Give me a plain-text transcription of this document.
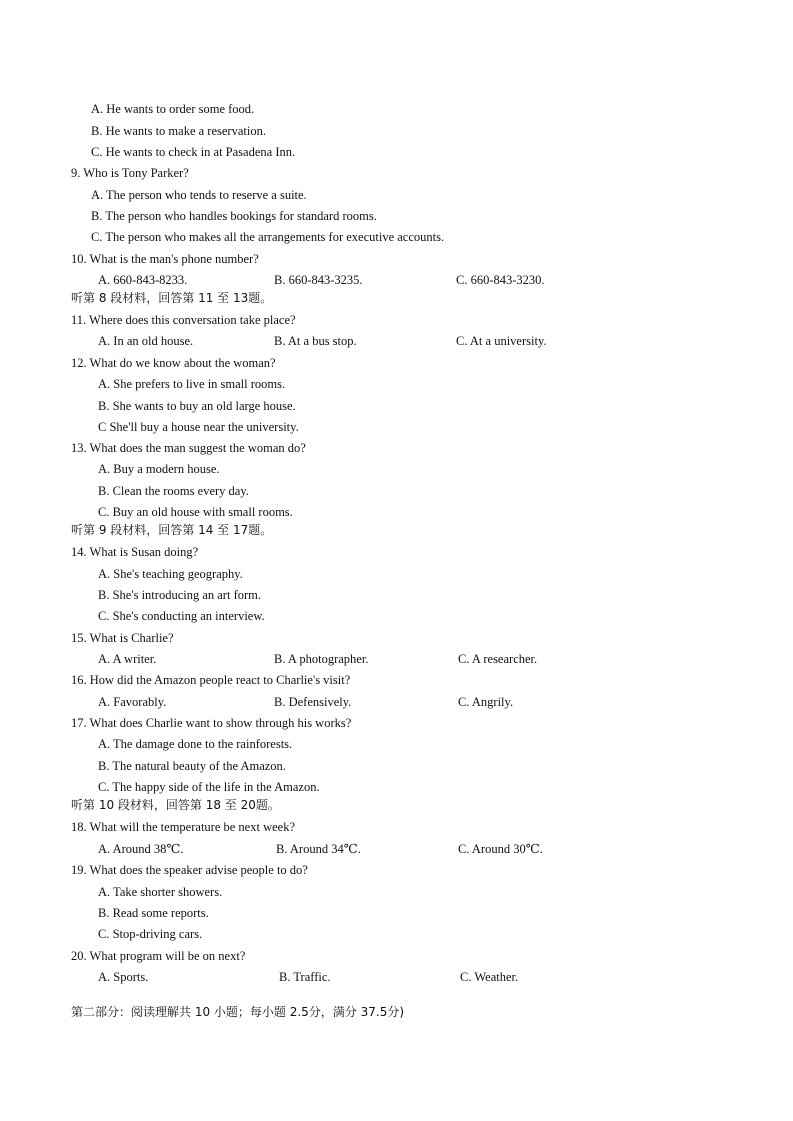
A. He wants to order some food.
B. He wants to make a reservation.
C. He wants to check in at Pasadena Inn.
9. Who is Tony Parker?
A. The person who tends to reserve a suite.
B. The person who handles bookings for standard rooms.
C. The person who makes all the arrangements for executive accounts.
10. What is the man's phone number?
A. 660-843-8233.	B. 660-843-3235.	C. 660-843-3230.
听第 8 段材料，回答第 11 至 13题。
11. Where does this conversation take place?
A. In an old house.	B. At a bus stop.	C. At a university.
12. What do we know about the woman?
A. She prefers to live in small rooms.
B. She wants to buy an old large house.
C She'll buy a house near the university.
13. What does the man suggest the woman do?
A. Buy a modern house.
B. Clean the rooms every day.
C. Buy an old house with small rooms.
听第 9 段材料，回答第 14 至 17题。
14. What is Susan doing?
A. She's teaching geography.
B. She's introducing an art form.
C. She's conducting an interview.
15. What is Charlie?
A. A writer.	B. A photographer.	C. A researcher.
16. How did the Amazon people react to Charlie's visit?
A. Favorably.	B. Defensively.	C. Angrily.
17. What does Charlie want to show through his works?
A. The damage done to the rainforests.
B. The natural beauty of the Amazon.
C. The happy side of the life in the Amazon.
听第 10 段材料，回答第 18 至 20题。
18. What will the temperature be next week?
A. Around 38℃.	B. Around 34℃.	C. Around 30℃.
19. What does the speaker advise people to do?
A. Take shorter showers.
B. Read some reports.
C. Stop-driving cars.
20. What program will be on next?
A. Sports.	B. Traffic.	C. Weather.
第二部分：阅读理解共 10 小题；每小题 2.5分，满分 37.5分)
